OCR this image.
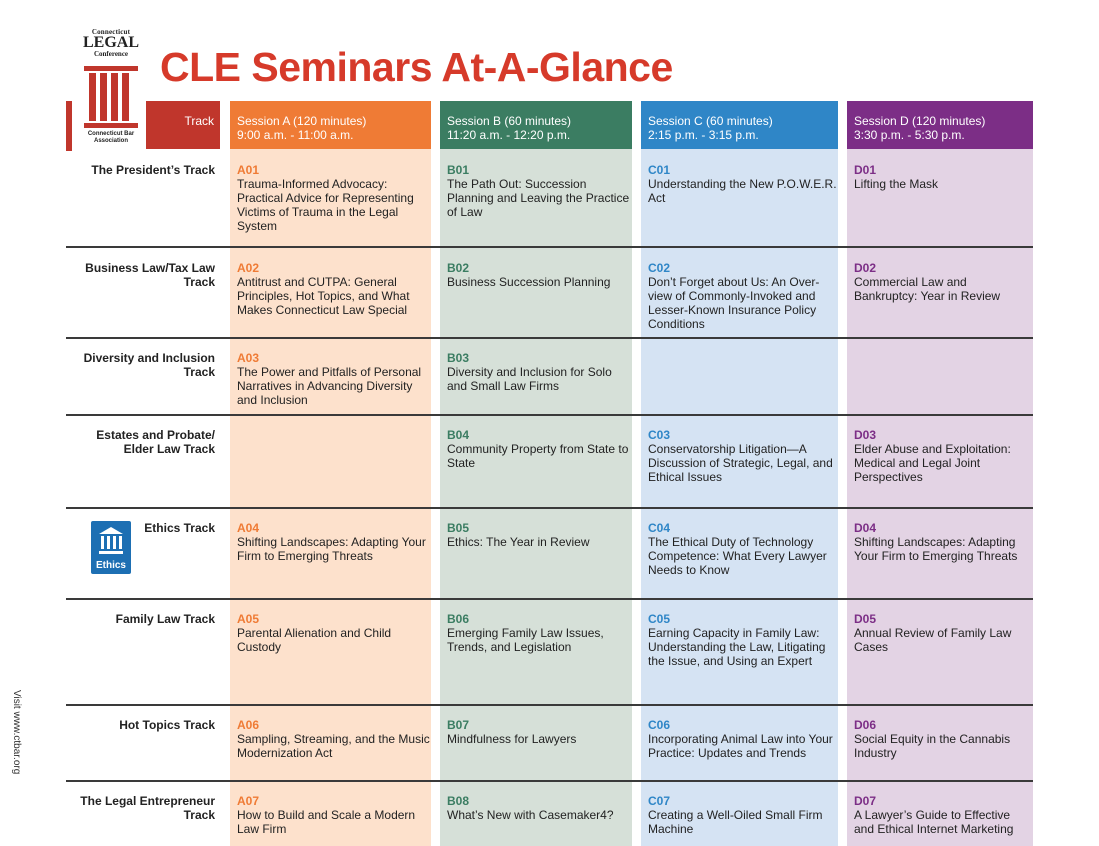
Connecticut
LEGAL
Conference
Connecticut Bar Association
CLE Seminars At-A-Glance
Visit www.ctbar.org
Track	Session A (120 minutes)
9:00 a.m. - 11:00 a.m.
Session B (60 minutes)
11:20 a.m. - 12:20 p.m.
Session C (60 minutes)
2:15 p.m. - 3:15 p.m.
Session D (120 minutes)
3:30 p.m. - 5:30 p.m.
The President’s Track A01
Trauma-Informed Advocacy: Practical Advice for Representing Victims of Trauma in the Legal System
B01
The Path Out: Succession Planning and Leaving the Practice of Law
C01
Understanding the New P.O.W.E.R. Act
D01
Lifting the Mask
Business Law/Tax Law Track
A02
Antitrust and CUTPA: General Principles, Hot Topics, and What Makes Connecticut Law Special
B02
Business Succession Planning
C02
Don’t Forget about Us: An Over-view of Commonly-Invoked and Lesser-Known Insurance Policy Conditions
D02
Commercial Law and Bankruptcy: Year in Review
Diversity and Inclusion Track
A03
The Power and Pitfalls of Personal Narratives in Advancing Diversity and Inclusion
B03
Diversity and Inclusion for Solo and Small Law Firms
Estates and Probate/ Elder Law Track
B04
Community Property from State to State
C03
Conservatorship Litigation—A Discussion of Strategic, Legal, and Ethical Issues
D03
Elder Abuse and Exploitation: Medical and Legal Joint Perspectives
Ethics Track
Ethics
A04
Shifting Landscapes: Adapting Your Firm to Emerging Threats
B05
Ethics: The Year in Review
C04
The Ethical Duty of Technology Competence: What Every Lawyer Needs to Know
D04
Shifting Landscapes: Adapting Your Firm to Emerging Threats
Family Law Track A05
Parental Alienation and Child Custody
B06
Emerging Family Law Issues, Trends, and Legislation
C05
Earning Capacity in Family Law: Understanding the Law, Litigating the Issue, and Using an Expert
D05
Annual Review of Family Law Cases
Hot Topics Track A06
Sampling, Streaming, and the Music Modernization Act
B07
Mindfulness for Lawyers
C06
Incorporating Animal Law into Your Practice: Updates and Trends
D06
Social Equity in the Cannabis Industry
The Legal Entrepreneur Track
A07
How to Build and Scale a Modern Law Firm
B08
What’s New with Casemaker4?
C07
Creating a Well-Oiled Small Firm Machine
D07
A Lawyer’s Guide to Effective and Ethical Internet Marketing
